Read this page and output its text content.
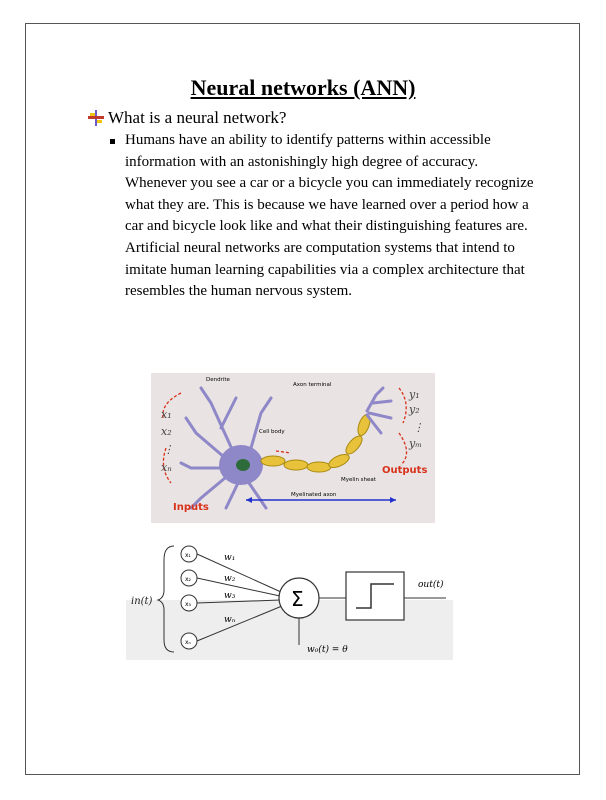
Neural networks (ANN)
What is a neural network?
Humans have an ability to identify patterns within accessible information with an astonishingly high degree of accuracy. Whenever you see a car or a bicycle you can immediately recognize what they are. This is because we have learned over a period how a car and bicycle look like and what their distinguishing features are. Artificial neural networks are computation systems that intend to imitate human learning capabilities via a complex architecture that resembles the human nervous system.
Dendrite
Axon terminal
Cell body
Myelin sheat
Myelinated axon
Inputs
Outputs
x₁
x₂
⋮
xₙ
y₁
y₂
⋮
yₘ
in(t)
x₁
x₂
x₃
xₙ
w₁
w₂
w₃
wₙ
Σ
w₀(t) = θ
out(t)
